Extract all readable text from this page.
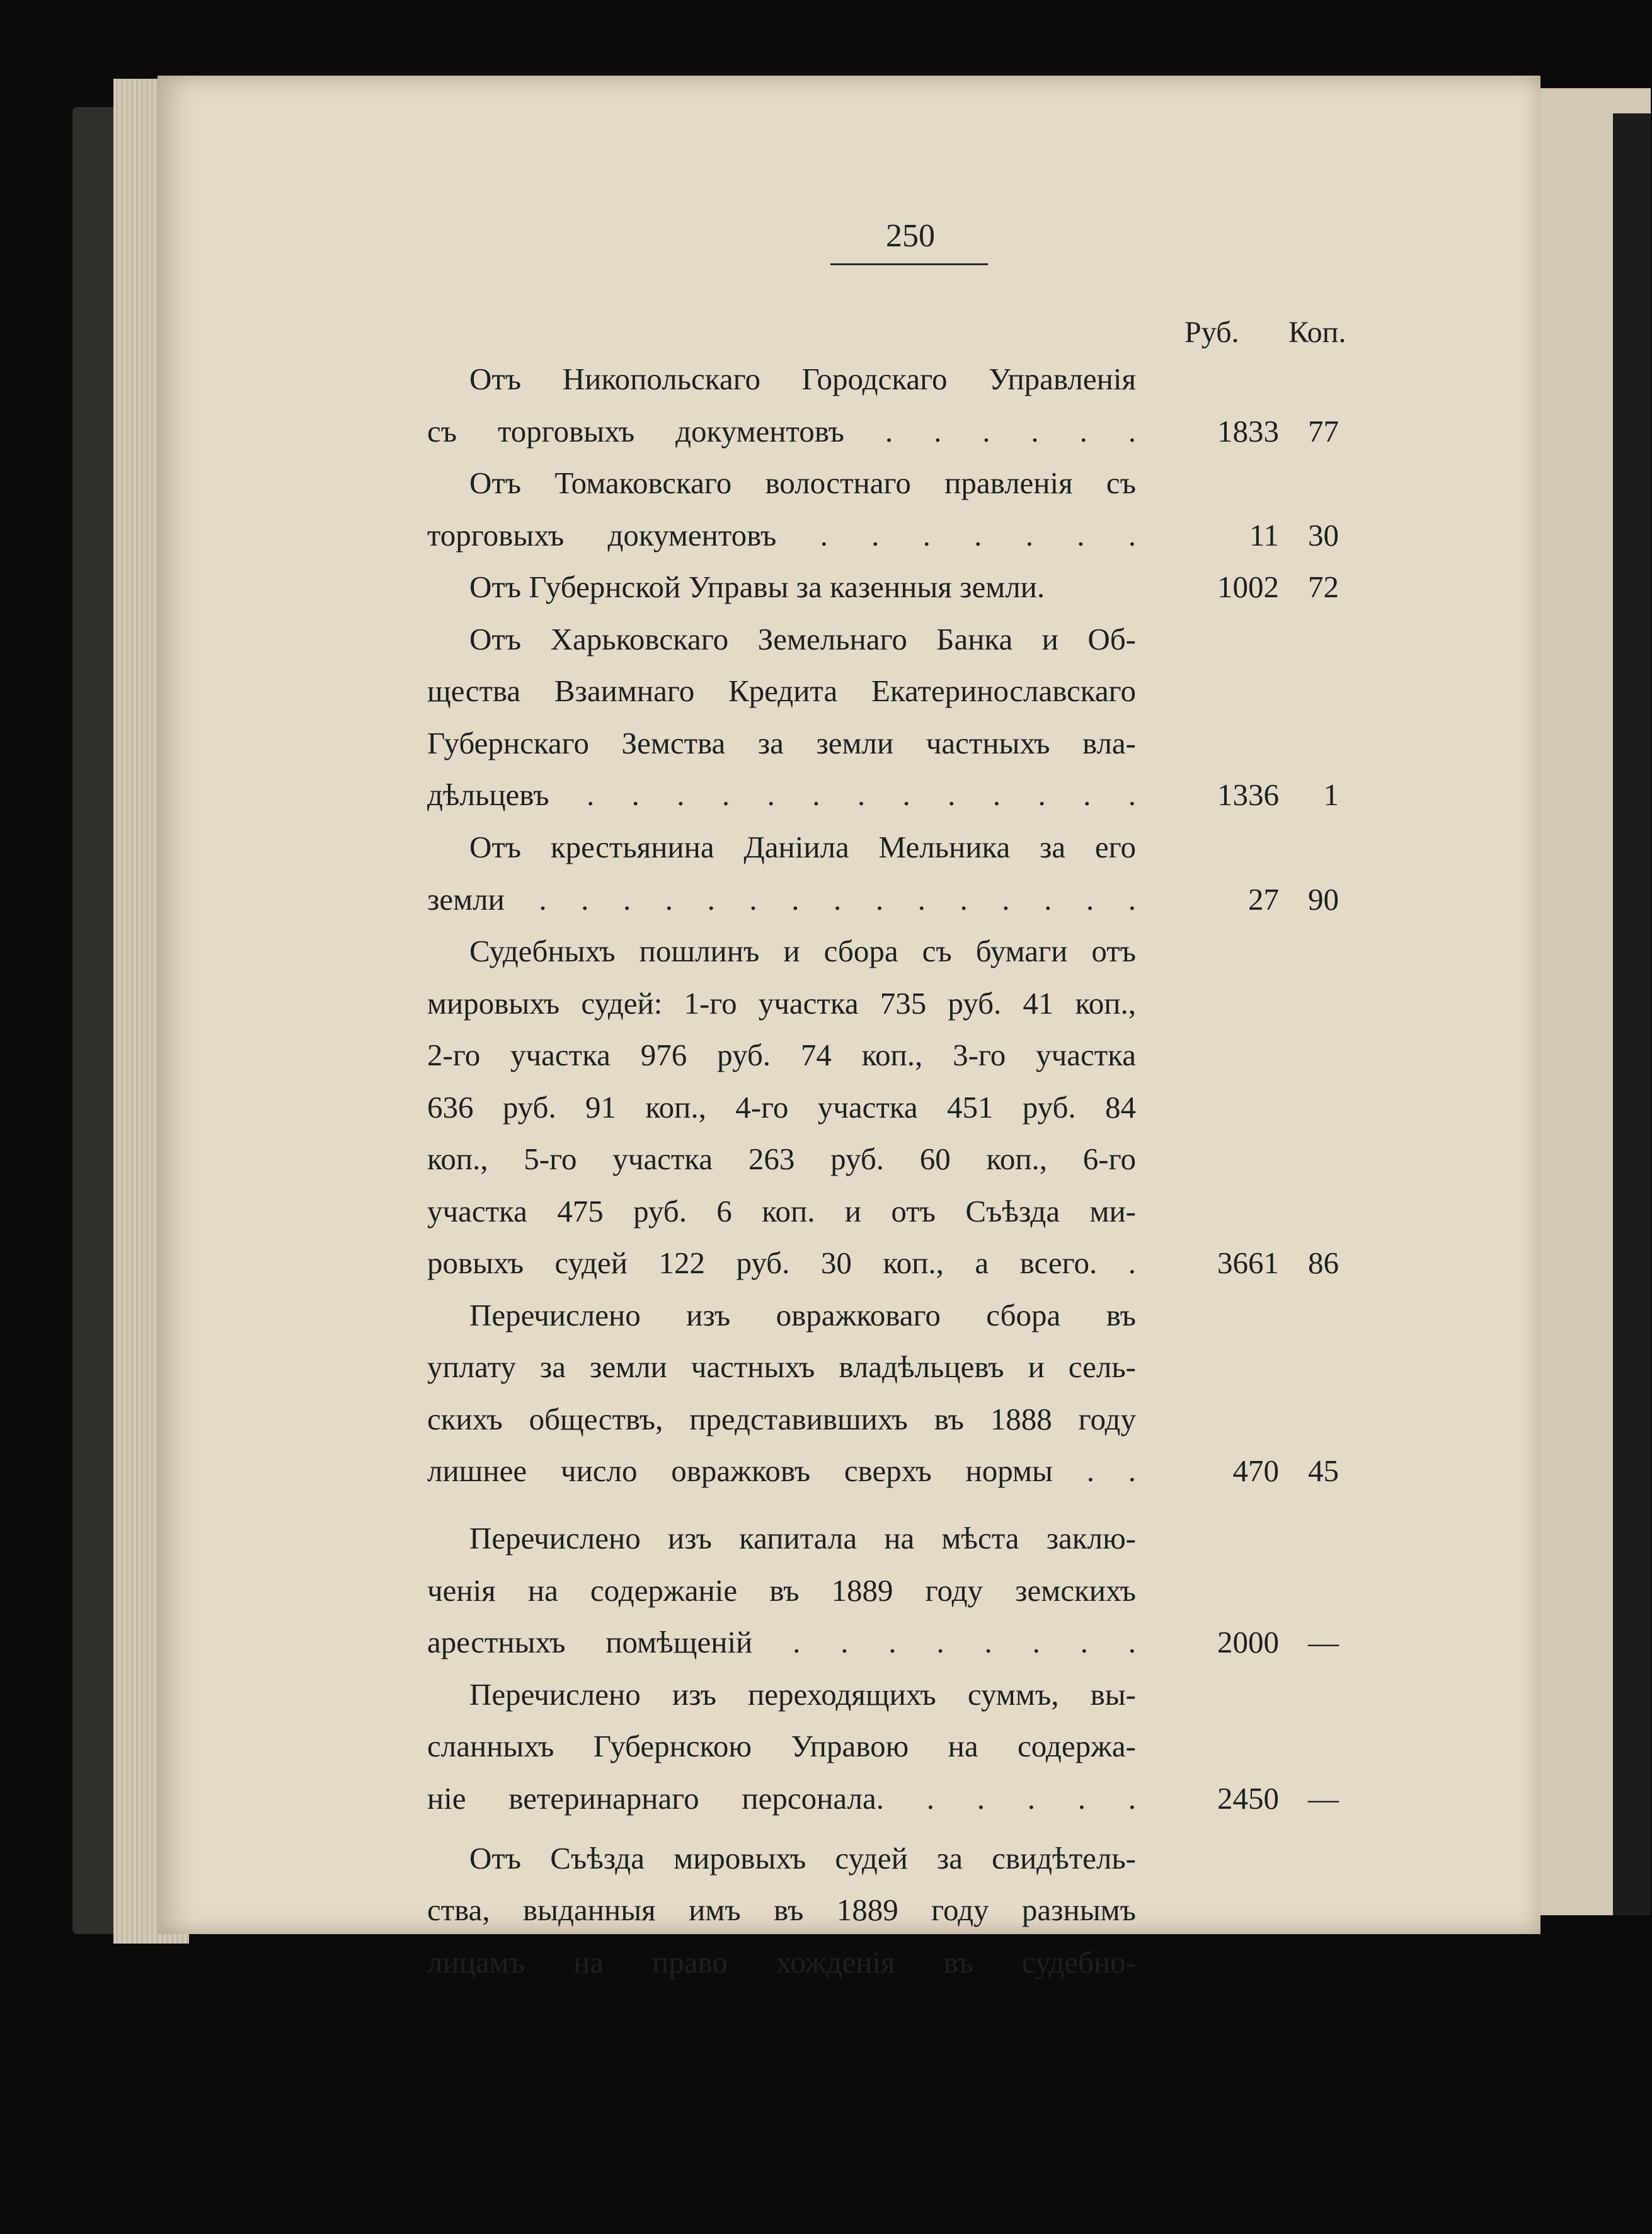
250
Руб. Коп.
Отъ Никопольскаго Городскаго Управленія
съ торговыхъ документовъ . . . . . .
Отъ Томаковскаго волостнаго правленія съ
торговыхъ документовъ . . . . . . .
Отъ Губернской Управы за казенныя земли.
Отъ Харьковскаго Земельнаго Банка и Об-
щества Взаимнаго Кредита Екатеринославскаго
Губернскаго Земства за земли частныхъ вла-
дѣльцевъ . . . . . . . . . . . . .
Отъ крестьянина Даніила Мельника за его
земли . . . . . . . . . . . . . . .
Судебныхъ пошлинъ и сбора съ бумаги отъ
мировыхъ судей: 1-го участка 735 руб. 41 коп.,
2-го участка 976 руб. 74 коп., 3-го участка
636 руб. 91 коп., 4-го участка 451 руб. 84
коп., 5-го участка 263 руб. 60 коп., 6-го
участка 475 руб. 6 коп. и отъ Съѣзда ми-
ровыхъ судей 122 руб. 30 коп., а всего. .
Перечислено изъ овражковаго сбора въ
уплату за земли частныхъ владѣльцевъ и сель-
скихъ обществъ, представившихъ въ 1888 году
лишнее число овражковъ сверхъ нормы . .
Перечислено изъ капитала на мѣста заклю-
ченія на содержаніе въ 1889 году земскихъ
арестныхъ помѣщеній . . . . . . . .
Перечислено изъ переходящихъ суммъ, вы-
сланныхъ Губернскою Управою на содержа-
ніе ветеринарнаго персонала. . . . . .
Отъ Съѣзда мировыхъ судей за свидѣтель-
ства, выданныя имъ въ 1889 году разнымъ
лицамъ на право хожденія въ судебно-
1833 77
11 30
1002 72
1336	1
27 90
3661 86
470 45
2000 —
2450 —
